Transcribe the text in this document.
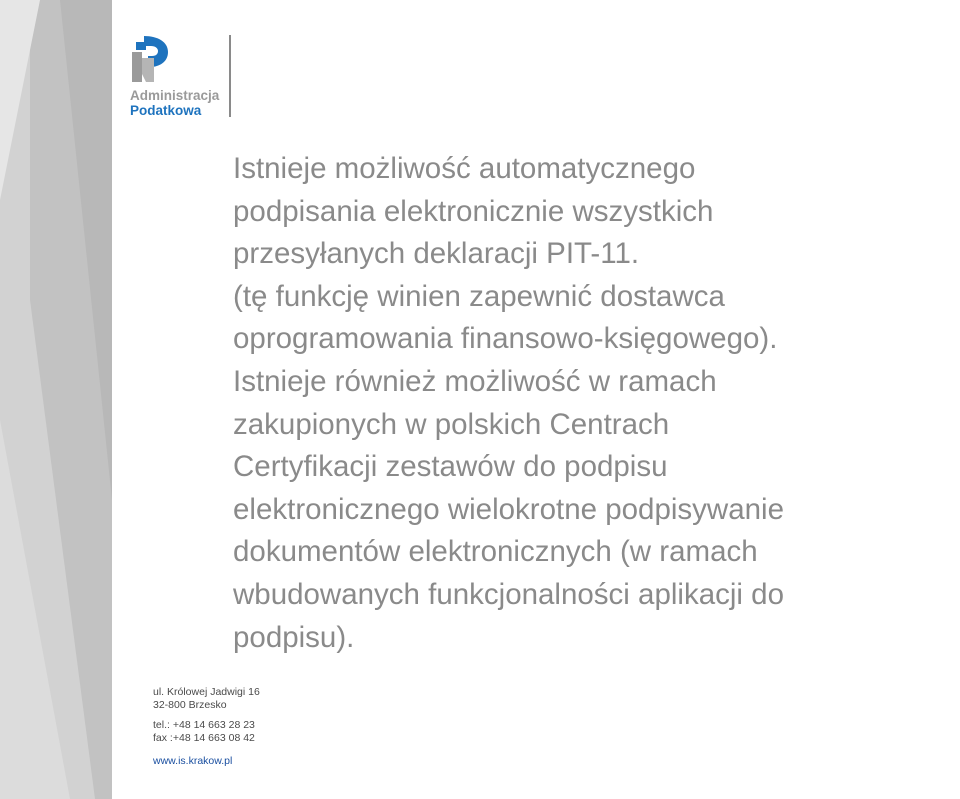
Administracja
Podatkowa

Istnieje możliwość automatycznego
podpisania elektronicznie wszystkich
przesyłanych deklaracji PIT-11.
(tę funkcję winien zapewnić dostawca
oprogramowania finansowo-księgowego).
Istnieje również możliwość w ramach
zakupionych w polskich Centrach
Certyfikacji zestawów do podpisu
elektronicznego wielokrotne podpisywanie
dokumentów elektronicznych (w ramach
wbudowanych funkcjonalności aplikacji do
podpisu).

ul. Królowej Jadwigi 16
32-800 Brzesko
tel.: +48 14 663 28 23
fax :+48 14 663 08 42
www.is.krakow.pl
